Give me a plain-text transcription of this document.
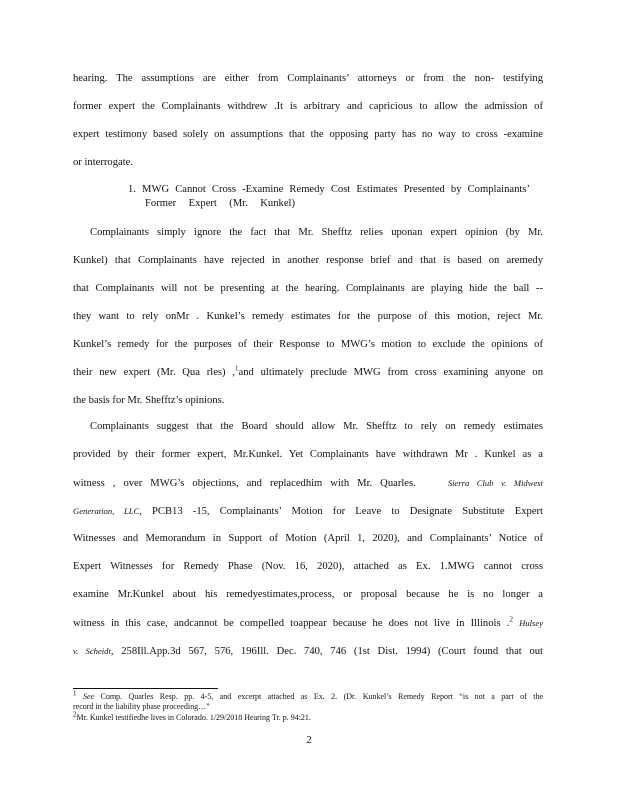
hearing. The assumptions are either from Complainants’ attorneys or from the non- testifying
former expert the Complainants withdrew .It is arbitrary and capricious to allow the admission of
expert testimony based solely on assumptions that the opposing party has no way to cross -examine
or interrogate.
1. MWG Cannot Cross -Examine Remedy Cost Estimates Presented by Complainants’
Former Expert (Mr. Kunkel)
Complainants simply ignore the fact that Mr. Shefftz relies uponan expert opinion (by Mr.
Kunkel) that Complainants have rejected in another response brief and that is based on aremedy
that Complainants will not be presenting at the hearing. Complainants are playing hide the ball --
they want to rely onMr . Kunkel’s remedy estimates for the purpose of this motion, reject Mr.
Kunkel’s remedy for the purposes of their Response to MWG’s motion to exclude the opinions of
their new expert (Mr. Qua rles) ,$^1$and ultimately preclude MWG from cross examining anyone on
the basis for Mr. Shefftz’s opinions.
Complainants suggest that the Board should allow Mr. Shefftz to rely on remedy estimates
provided by their former expert, Mr.Kunkel. Yet Complainants have withdrawn Mr . Kunkel as a
witness , over MWG’s objections, and replacedhim with Mr. Quarles.	Sierra Club v. Midwest
Generation, LLC, PCB13 -15, Complainants’ Motion for Leave to Designate Substitute Expert
Witnesses and Memorandum in Support of Motion (April 1, 2020), and Complainants’ Notice of
Expert Witnesses for Remedy Phase (Nov. 16, 2020), attached as Ex. 1.MWG cannot cross
examine Mr.Kunkel about his remedyestimates,process, or proposal because he is no longer a
witness in this case, andcannot be compelled toappear because he does not live in Illinois .$^2$ Hulsey
v. Scheidt, 258Ill.App.3d 567, 576, 196Ill. Dec. 740, 746 (1st Dist. 1994) (Court found that out
1 See Comp. Quarles Resp. pp. 4-5, and excerpt attached as Ex. 2. (Dr. Kunkel’s Remedy Report “is not a part of the
record in the liability phase proceeding…”
2Mr. Kunkel testifiedhe lives in Colorado. 1/29/2018 Hearing Tr. p. 94:21.
2
